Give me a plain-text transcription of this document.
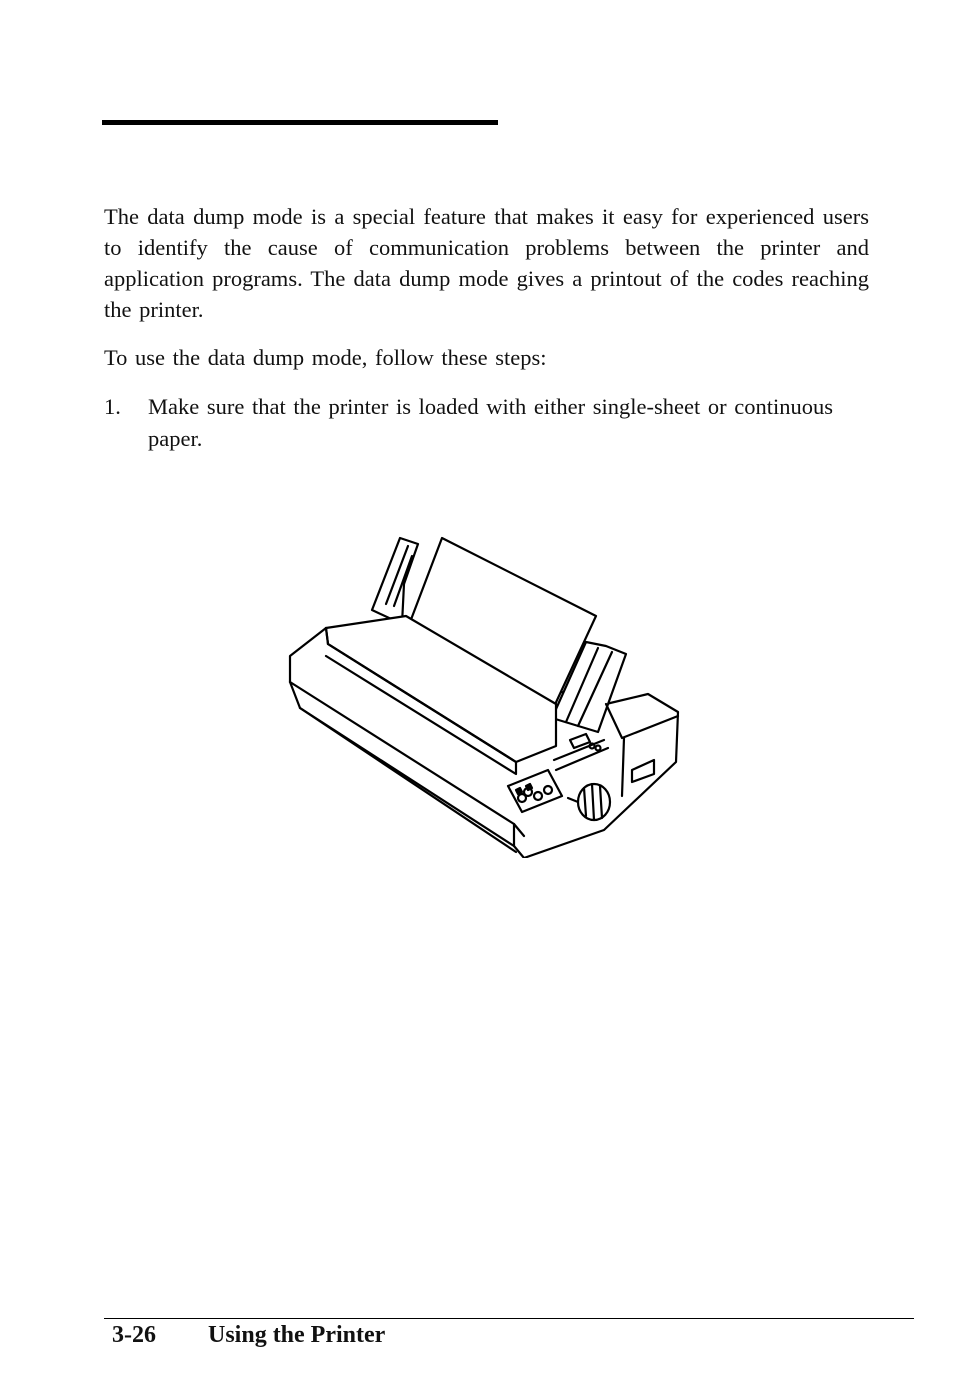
The data dump mode is a special feature that makes it easy for experienced users to identify the cause of communication problems between the printer and application programs. The data dump mode gives a printout of the codes reaching the printer.

To use the data dump mode, follow these steps:

1. Make sure that the printer is loaded with either single-sheet or continuous paper.
3-26 Using the Printer
